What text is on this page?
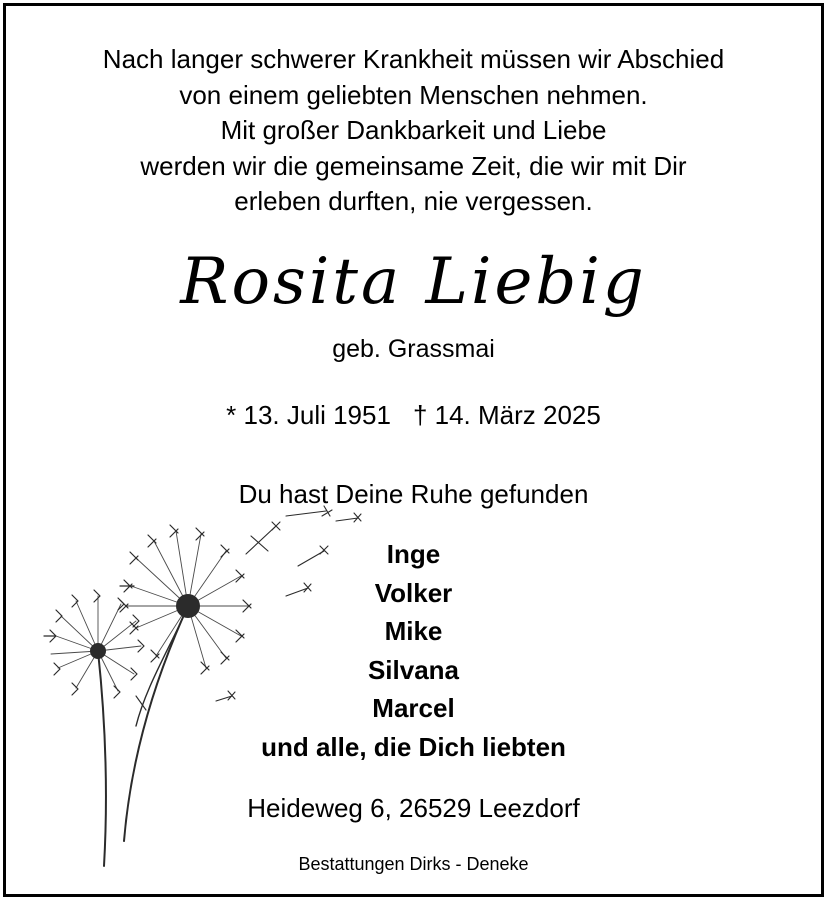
Nach langer schwerer Krankheit müssen wir Abschied
von einem geliebten Menschen nehmen.
Mit großer Dankbarkeit und Liebe
werden wir die gemeinsame Zeit, die wir mit Dir
erleben durften, nie vergessen.
Rosita Liebig
geb. Grassmai
* 13. Juli 1951 † 14. März 2025
Du hast Deine Ruhe gefunden
Inge
Volker
Mike
Silvana
Marcel
und alle, die Dich liebten
Heideweg 6, 26529 Leezdorf
Bestattungen Dirks - Deneke
